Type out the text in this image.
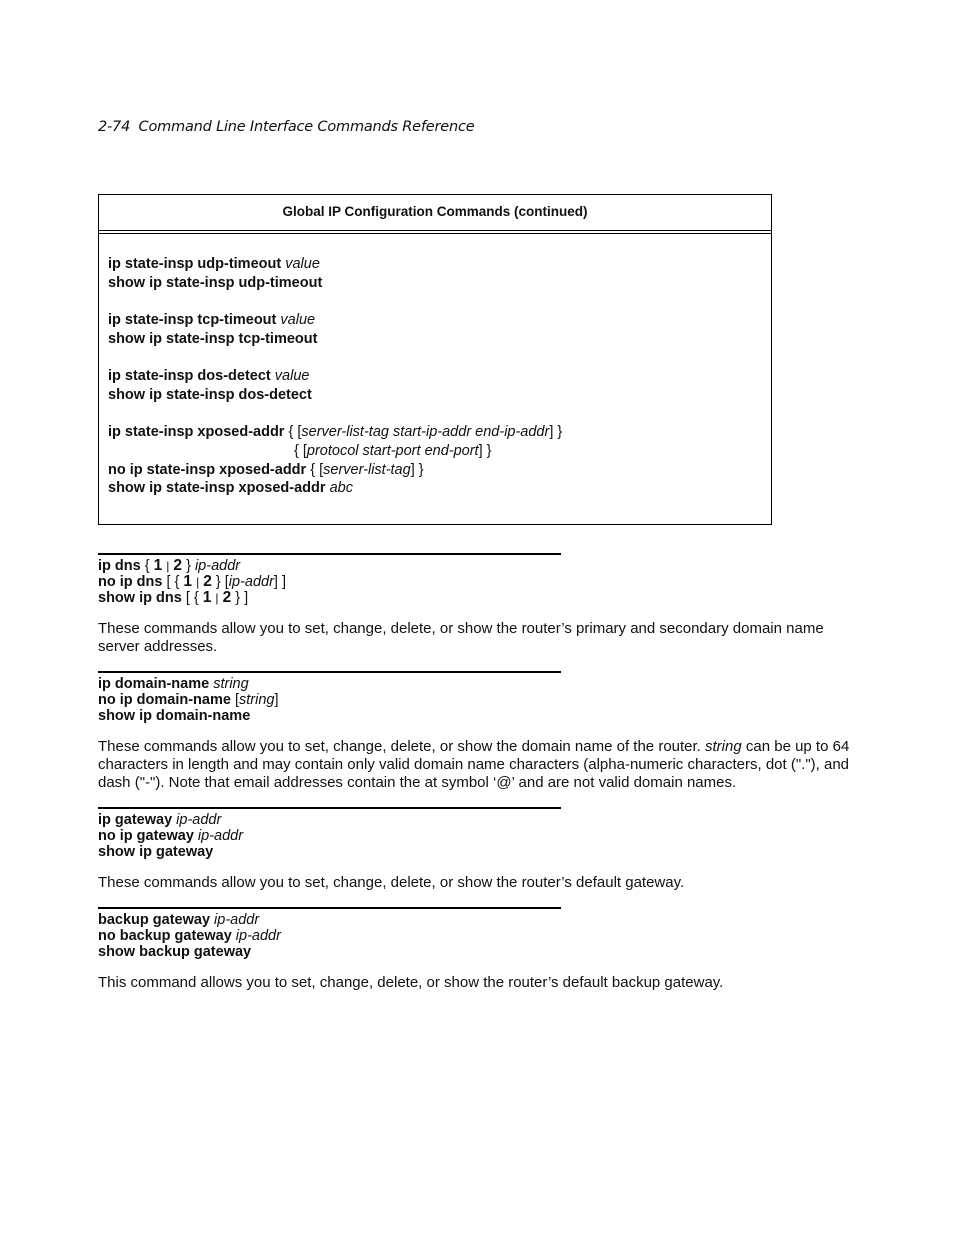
2-74 Command Line Interface Commands Reference
Global IP Configuration Commands (continued)
ip state-insp udp-timeout value
show ip state-insp udp-timeout
ip state-insp tcp-timeout value
show ip state-insp tcp-timeout
ip state-insp dos-detect value
show ip state-insp dos-detect
ip state-insp xposed-addr { [server-list-tag start-ip-addr end-ip-addr] }
{ [protocol start-port end-port] }
no ip state-insp xposed-addr { [server-list-tag] }
show ip state-insp xposed-addr abc
ip dns { 1 | 2 } ip-addr
no ip dns [ { 1 | 2 } [ip-addr] ]
show ip dns [ { 1 | 2 } ]
These commands allow you to set, change, delete, or show the router’s primary and secondary domain name server addresses.
ip domain-name string
no ip domain-name [string]
show ip domain-name
These commands allow you to set, change, delete, or show the domain name of the router. string can be up to 64 characters in length and may contain only valid domain name characters (alpha-numeric characters, dot ("."), and dash ("-"). Note that email addresses contain the at symbol ‘@’ and are not valid domain names.
ip gateway ip-addr
no ip gateway ip-addr
show ip gateway
These commands allow you to set, change, delete, or show the router’s default gateway.
backup gateway ip-addr
no backup gateway ip-addr
show backup gateway
This command allows you to set, change, delete, or show the router’s default backup gateway.
